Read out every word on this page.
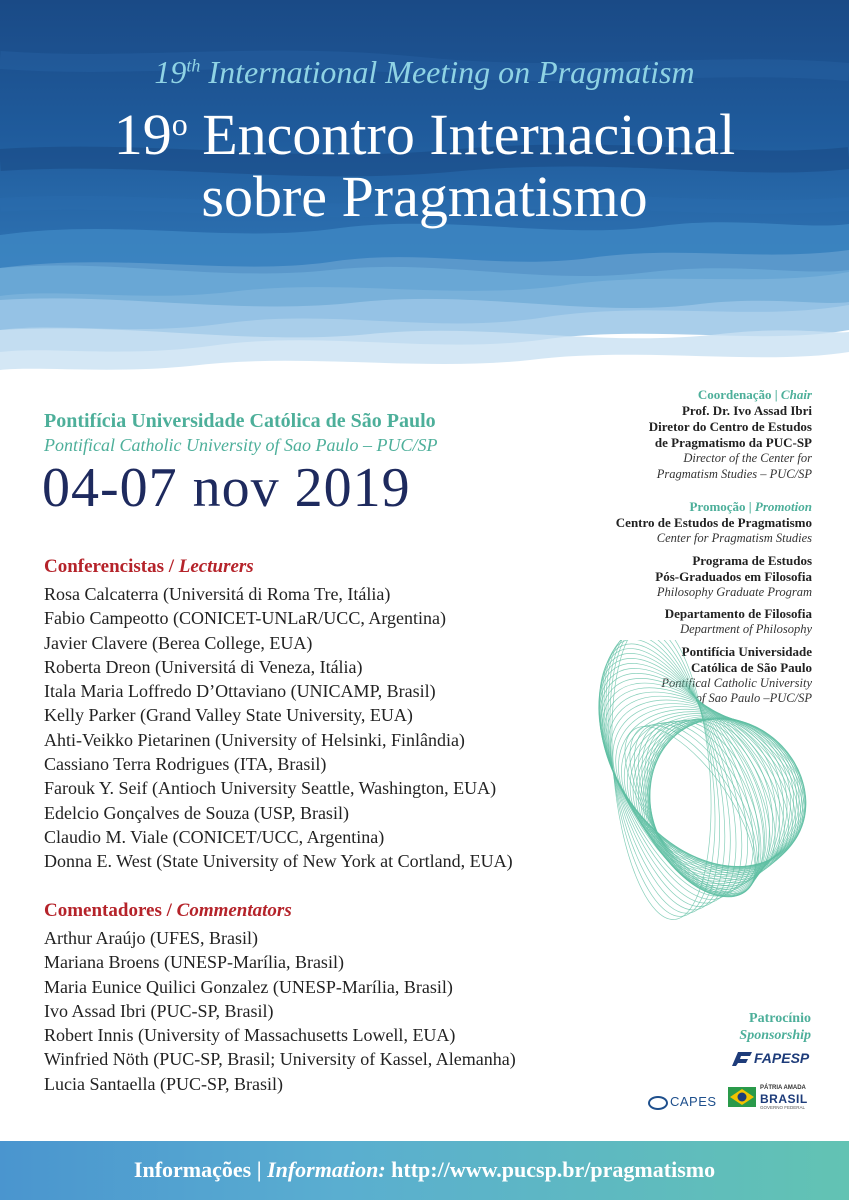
19th International Meeting on Pragmatism
19$^o$ Encontro Internacional
sobre Pragmatismo
Pontifícia Universidade Católica de São Paulo
Pontifical Catholic University of Sao Paulo – PUC/SP
04-07 nov 2019
Conferencistas / Lecturers
Rosa Calcaterra (Universitá di Roma Tre, Itália)
Fabio Campeotto (CONICET-UNLaR/UCC, Argentina)
Javier Clavere (Berea College, EUA)
Roberta Dreon (Universitá di Veneza, Itália)
Itala Maria Loffredo D’Ottaviano (UNICAMP, Brasil)
Kelly Parker (Grand Valley State University, EUA)
Ahti-Veikko Pietarinen (University of Helsinki, Finlândia)
Cassiano Terra Rodrigues (ITA, Brasil)
Farouk Y. Seif (Antioch University Seattle, Washington, EUA)
Edelcio Gonçalves de Souza (USP, Brasil)
Claudio M. Viale (CONICET/UCC, Argentina)
Donna E. West (State University of New York at Cortland, EUA)
Comentadores / Commentators
Arthur Araújo (UFES, Brasil)
Mariana Broens (UNESP-Marília, Brasil)
Maria Eunice Quilici Gonzalez (UNESP-Marília, Brasil)
Ivo Assad Ibri (PUC-SP, Brasil)
Robert Innis (University of Massachusetts Lowell, EUA)
Winfried Nöth (PUC-SP, Brasil; University of Kassel, Alemanha)
Lucia Santaella (PUC-SP, Brasil)
Coordenação | Chair
Prof. Dr. Ivo Assad Ibri
Diretor do Centro de Estudos
de Pragmatismo da PUC-SP
Director of the Center for
Pragmatism Studies – PUC/SP
Promoção | Promotion
Centro de Estudos de Pragmatismo
Center for Pragmatism Studies
Programa de Estudos
Pós-Graduados em Filosofia
Philosophy Graduate Program
Departamento de Filosofia
Department of Philosophy
Pontifícia Universidade
Católica de São Paulo
Pontifical Catholic University
of Sao Paulo –PUC/SP
Patrocínio
Sponsorship
FAPESP
CAPES
PÁTRIA AMADA
BRASIL
GOVERNO FEDERAL
Informações | Information: http://www.pucsp.br/pragmatismo
